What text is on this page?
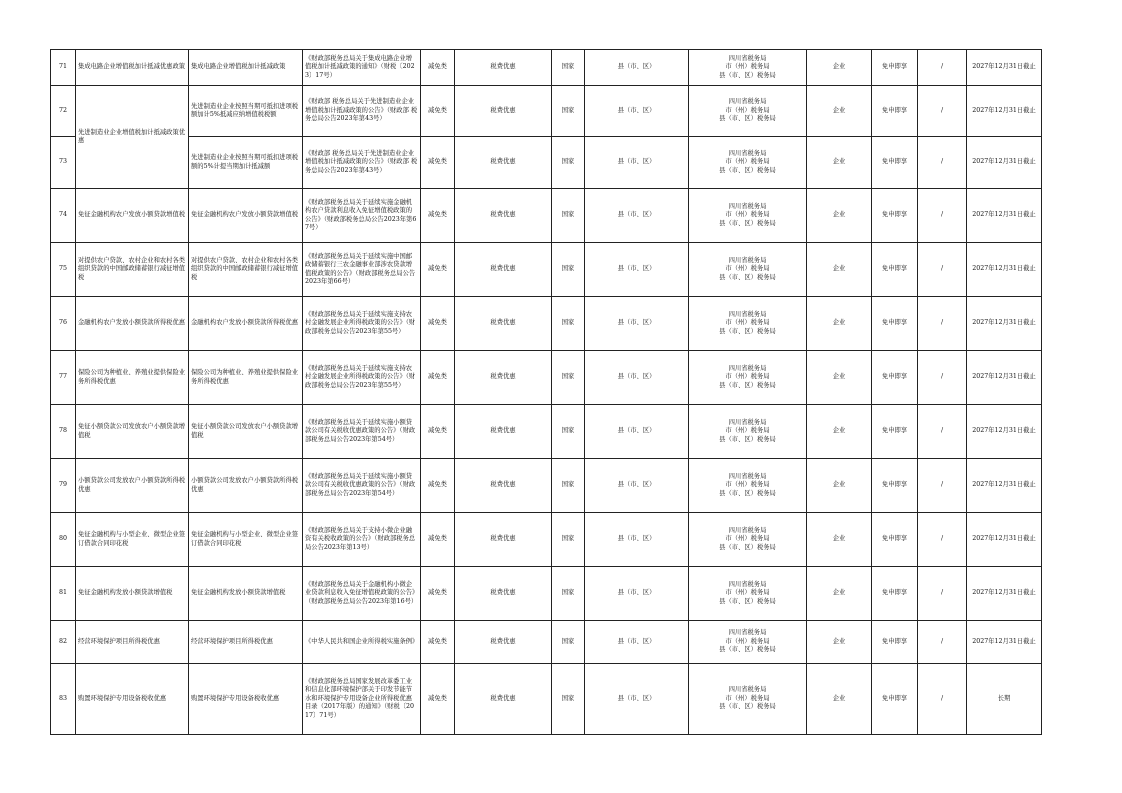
71	集成电路企业增值税加计抵减优惠政策	集成电路企业增值税加计抵减政策	《财政部税务总局关于集成电路企业增值税加计抵减政策的通知》（财税〔2023〕17号）	减免类	税费优惠	国家	县（市、区）	四川省税务局
市（州）税务局
县（市、区）税务局	企业	免申即享	/	2027年12月31日截止	
72	先进制造业企业增值税加计抵减政策优惠	先进制造业企业按照当期可抵扣进项税额加计5%抵减应纳增值税税额	《财政部 税务总局关于先进制造业企业增值税加计抵减政策的公告》（财政部 税务总局公告2023年第43号）	减免类	税费优惠	国家	县（市、区）	四川省税务局
市（州）税务局
县（市、区）税务局	企业	免申即享	/	2027年12月31日截止	
73		先进制造业企业按照当期可抵扣进项税额的5%计提当期加计抵减额	《财政部 税务总局关于先进制造业企业增值税加计抵减政策的公告》（财政部 税务总局公告2023年第43号）	减免类	税费优惠	国家	县（市、区）	四川省税务局
市（州）税务局
县（市、区）税务局	企业	免申即享	/	2027年12月31日截止	
74	免征金融机构农户发放小额贷款增值税	免征金融机构农户发放小额贷款增值税	《财政部税务总局关于延续实施金融机构农户贷款利息收入免征增值税政策的公告》（财政部税务总局公告2023年第67号）	减免类	税费优惠	国家	县（市、区）	四川省税务局
市（州）税务局
县（市、区）税务局	企业	免申即享	/	2027年12月31日截止	
75	对提供农户贷款、农村企业和农村各类组织贷款的中国邮政储蓄银行减征增值税	对提供农户贷款、农村企业和农村各类组织贷款的中国邮政储蓄银行减征增值税	《财政部税务总局关于延续实施中国邮政储蓄银行三农金融事业部涉农贷款增值税政策的公告》（财政部税务总局公告2023年第66号）	减免类	税费优惠	国家	县（市、区）	四川省税务局
市（州）税务局
县（市、区）税务局	企业	免申即享	/	2027年12月31日截止	
76	金融机构农户发放小额贷款所得税优惠	金融机构农户发放小额贷款所得税优惠	《财政部税务总局关于延续实施支持农村金融发展企业所得税政策的公告》（财政部税务总局公告2023年第55号）	减免类	税费优惠	国家	县（市、区）	四川省税务局
市（州）税务局
县（市、区）税务局	企业	免申即享	/	2027年12月31日截止	
77	保险公司为种植业、养殖业提供保险业务所得税优惠	保险公司为种植业、养殖业提供保险业务所得税优惠	《财政部税务总局关于延续实施支持农村金融发展企业所得税政策的公告》（财政部税务总局公告2023年第55号）	减免类	税费优惠	国家	县（市、区）	四川省税务局
市（州）税务局
县（市、区）税务局	企业	免申即享	/	2027年12月31日截止	
78	免征小额贷款公司发放农户小额贷款增值税	免征小额贷款公司发放农户小额贷款增值税	《财政部税务总局关于延续实施小额贷款公司有关税收优惠政策的公告》（财政部税务总局公告2023年第54号）	减免类	税费优惠	国家	县（市、区）	四川省税务局
市（州）税务局
县（市、区）税务局	企业	免申即享	/	2027年12月31日截止	
79	小额贷款公司发放农户小额贷款所得税优惠	小额贷款公司发放农户小额贷款所得税优惠	《财政部税务总局关于延续实施小额贷款公司有关税收优惠政策的公告》（财政部税务总局公告2023年第54号）	减免类	税费优惠	国家	县（市、区）	四川省税务局
市（州）税务局
县（市、区）税务局	企业	免申即享	/	2027年12月31日截止	
80	免征金融机构与小型企业、微型企业签订借款合同印花税	免征金融机构与小型企业、微型企业签订借款合同印花税	《财政部税务总局关于支持小微企业融资有关税收政策的公告》（财政部税务总局公告2023年第13号）	减免类	税费优惠	国家	县（市、区）	四川省税务局
市（州）税务局
县（市、区）税务局	企业	免申即享	/	2027年12月31日截止	
81	免征金融机构发放小额贷款增值税	免征金融机构发放小额贷款增值税	《财政部税务总局关于金融机构小微企业贷款利息收入免征增值税政策的公告》（财政部税务总局公告2023年第16号）	减免类	税费优惠	国家	县（市、区）	四川省税务局
市（州）税务局
县（市、区）税务局	企业	免申即享	/	2027年12月31日截止	
82	经营环境保护项目所得税优惠	经营环境保护项目所得税优惠	《中华人民共和国企业所得税实施条例》	减免类	税费优惠	国家	县（市、区）	四川省税务局
市（州）税务局
县（市、区）税务局	企业	免申即享	/	2027年12月31日截止	
83	购置环境保护专用设备税收优惠	购置环境保护专用设备税收优惠	《财政部税务总局国家发展改革委工业和信息化部环境保护部关于印发节能节水和环境保护专用设备企业所得税优惠目录（2017年版）的通知》（财税〔2017〕71号）	减免类	税费优惠	国家	县（市、区）	四川省税务局
市（州）税务局
县（市、区）税务局	企业	免申即享	/	长期	
